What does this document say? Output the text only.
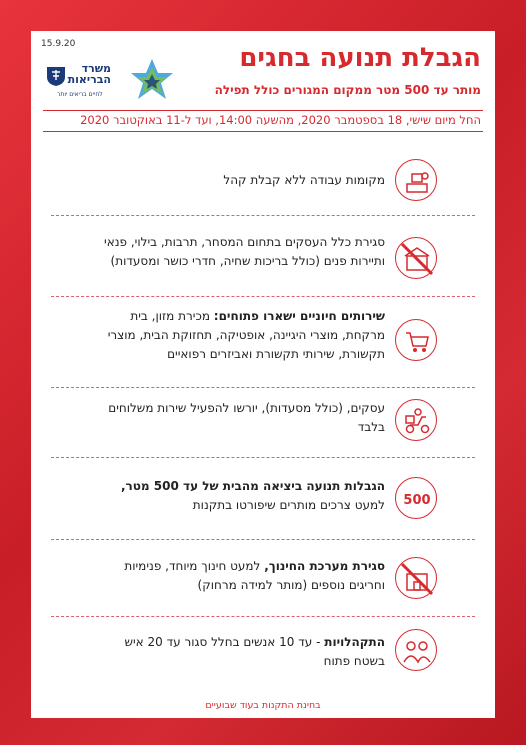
15.9.20
משרד הבריאות
לחיים בריאים יותר
הגבלת תנועה בחגים
מותר עד 500 מטר ממקום המגורים כולל תפילה
החל מיום שישי, 18 בספטמבר 2020, מהשעה 14:00, ועד ל-11 באוקטובר 2020
מקומות עבודה ללא קבלת קהל
סגירת כלל העסקים בתחום המסחר, תרבות, בילוי, פנאי ותיירות פנים (כולל בריכות שחיה, חדרי כושר ומסעדות)
שירותים חיוניים ישארו פתוחים: מכירת מזון, בית מרקחת, מוצרי היגיינה, אופטיקה, תחזוקת הבית, מוצרי תקשורת, שירותי תקשורת ואביזרים רפואיים
עסקים, (כולל מסעדות), יורשו להפעיל שירות משלוחים בלבד
500
הגבלות תנועה ביציאה מהבית של עד 500 מטר, למעט צרכים מותרים שיפורטו בתקנות
סגירת מערכת החינוך, למעט חינוך מיוחד, פנימיות וחריגים נוספים (מותר למידה מרחוק)
התקהלויות - עד 10 אנשים בחלל סגור עד 20 איש בשטח פתוח
בחינת התקנות בעוד שבועיים
